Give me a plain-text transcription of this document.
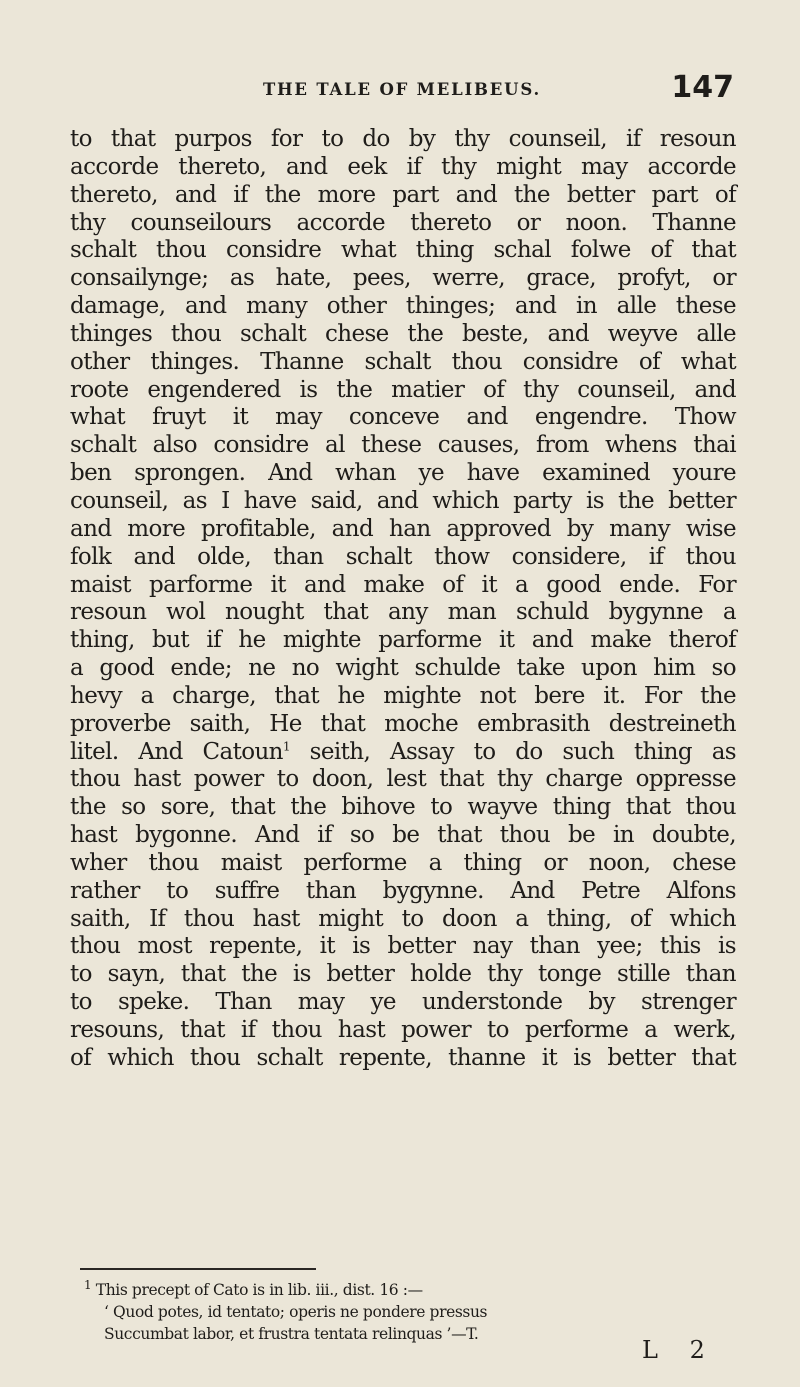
THE TALE OF MELIBEUS.	147
to that purpos for to do by thy counseil, if resoun
accorde thereto, and eek if thy might may accorde
thereto, and if the more part and the better part of
thy counseilours accorde thereto or noon. Thanne
schalt thou considre what thing schal folwe of that
consailynge; as hate, pees, werre, grace, profyt, or
damage, and many other thinges; and in alle these
thinges thou schalt chese the beste, and weyve alle
other thinges. Thanne schalt thou considre of what
roote engendered is the matier of thy counseil, and
what fruyt it may conceve and engendre. Thow
schalt also considre al these causes, from whens thai
ben sprongen. And whan ye have examined youre
counseil, as I have said, and which party is the better
and more profitable, and han approved by many wise
folk and olde, than schalt thow considere, if thou
maist parforme it and make of it a good ende. For
resoun wol nought that any man schuld bygynne a
thing, but if he mighte parforme it and make therof
a good ende; ne no wight schulde take upon him so
hevy a charge, that he mighte not bere it. For the
proverbe saith, He that moche embrasith destreineth
litel. And Catoun$^1$ seith, Assay to do such thing as
thou hast power to doon, lest that thy charge oppresse
the so sore, that the bihove to wayve thing that thou
hast bygonne. And if so be that thou be in doubte,
wher thou maist performe a thing or noon, chese
rather to suffre than bygynne. And Petre Alfons
saith, If thou hast might to doon a thing, of which
thou most repente, it is better nay than yee; this is
to sayn, that the is better holde thy tonge stille than
to speke. Than may ye understonde by strenger
resouns, that if thou hast power to performe a werk,
of which thou schalt repente, thanne it is better that
$^1$ This precept of Cato is in lib. iii., dist. 16 :—
‘ Quod potes, id tentato; operis ne pondere pressus
Succumbat labor, et frustra tentata relinquas ’—T.
L 2
